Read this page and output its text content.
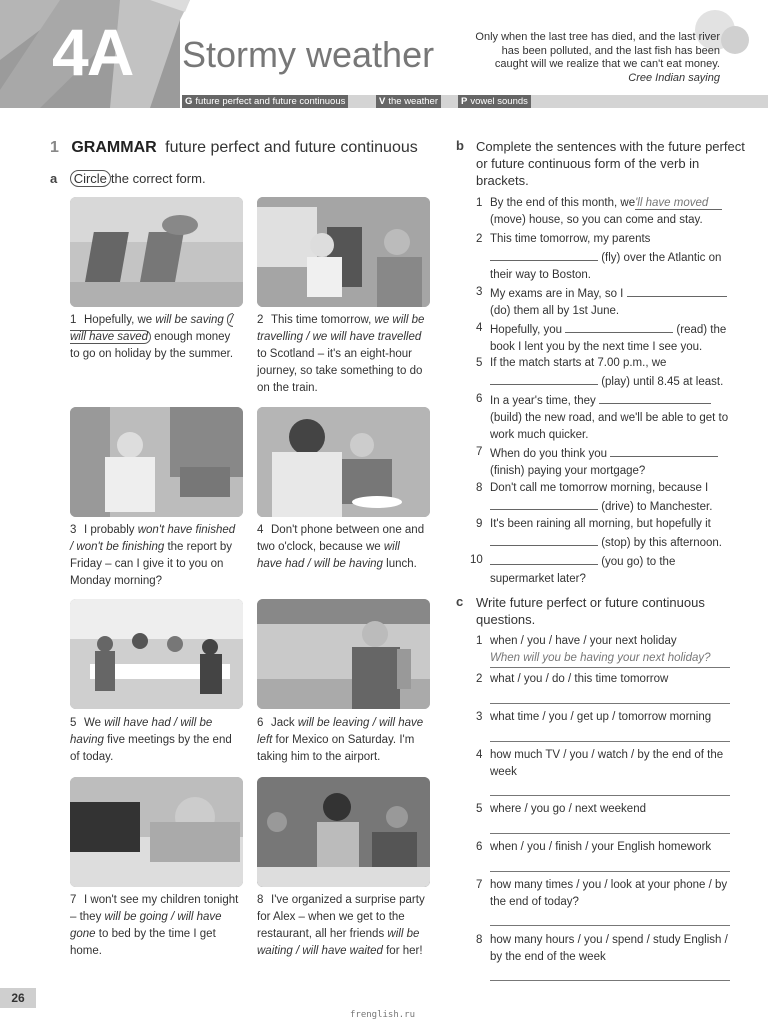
4A Stormy weather	Only when the last tree has died, and the last river has been polluted, and the last fish has been caught will we realize that we can't eat money.
Cree Indian saying
G future perfect and future continuous	V the weather	P vowel sounds
1 GRAMMAR future perfect and future continuous
a Circle the correct form.
1 Hopefully, we will be saving / will have saved enough money to go on holiday by the summer.
2 This time tomorrow, we will be travelling / we will have travelled to Scotland – it's an eight-hour journey, so take something to do on the train.
3 I probably won't have finished / won't be finishing the report by Friday – can I give it to you on Monday morning?
4 Don't phone between one and two o'clock, because we will have had / will be having lunch.
5 We will have had / will be having five meetings by the end of today.
6 Jack will be leaving / will have left for Mexico on Saturday. I'm taking him to the airport.
7 I won't see my children tonight – they will be going / will have gone to bed by the time I get home.
8 I've organized a surprise party for Alex – when we get to the restaurant, all her friends will be waiting / will have waited for her!
b Complete the sentences with the future perfect or future continuous form of the verb in brackets.
1 By the end of this month, we'll have moved (move) house, so you can come and stay.
2 This time tomorrow, my parents
(fly) over the Atlantic on their way to Boston.
3 My exams are in May, so I
(do) them all by 1st June.
4 Hopefully, you	(read) the book I lent you by the next time I see you.
5 If the match starts at 7.00 p.m., we
(play) until 8.45 at least.
6 In a year's time, they
(build) the new road, and we'll be able to get to work much quicker.
7 When do you think you
(finish) paying your mortgage?
8 Don't call me tomorrow morning, because I  (drive) to Manchester.
9 It's been raining all morning, but hopefully it
(stop) by this afternoon.
10	(you go) to the supermarket later?
c Write future perfect or future continuous questions.
1 when / you / have / your next holiday
When will you be having your next holiday?
2 what / you / do / this time tomorrow
3 what time / you / get up / tomorrow morning
4 how much TV / you / watch / by the end of the week
5 where / you go / next weekend
6 when / you / finish / your English homework
7 how many times / you / look at your phone / by the end of today?
8 how many hours / you / spend / study English / by the end of the week
26
frenglish.ru
